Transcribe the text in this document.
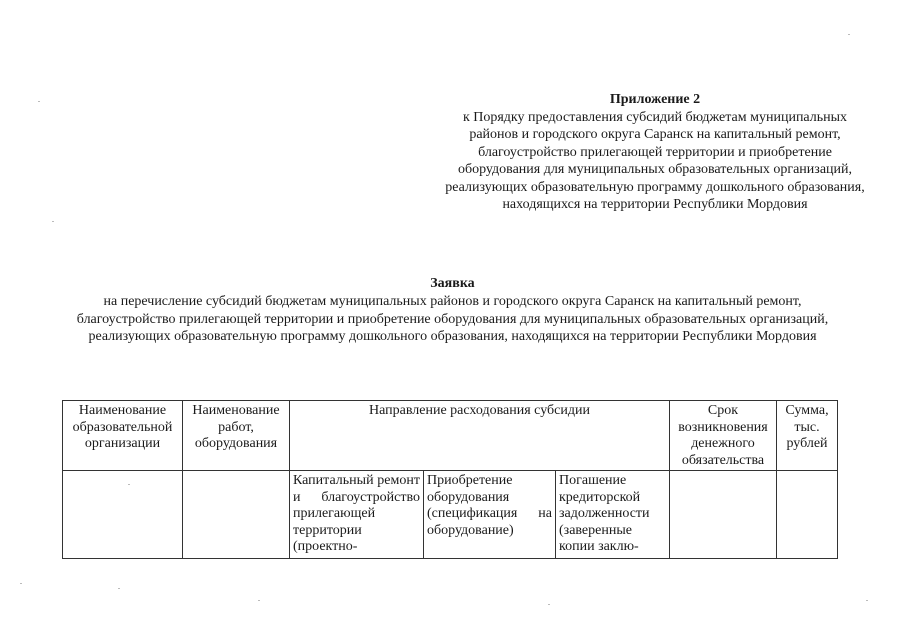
Приложение 2
к Порядку предоставления субсидий бюджетам муниципальных районов и городского округа Саранск на капитальный ремонт, благоустройство прилегающей территории и приобретение оборудования для муниципальных образовательных организаций, реализующих образовательную программу дошкольного образования, находящихся на территории Республики Мордовия
Заявка
на перечисление субсидий бюджетам муниципальных районов и городского округа Саранск на капитальный ремонт, благоустройство прилегающей территории и приобретение оборудования для муниципальных образовательных организаций, реализующих образовательную программу дошкольного образования, находящихся на территории Республики Мордовия
Наименование образовательной организации	Наименование работ, оборудования	Направление расходования субсидии			Срок возникновения денежного обязательства	Сумма, тыс. рублей

		Капитальный ремонт и благоустройство прилегающей территории (проектно-	Приобретение оборудования (спецификация на оборудование)	Погашение кредиторской задолженности (заверенные копии заклю-		
